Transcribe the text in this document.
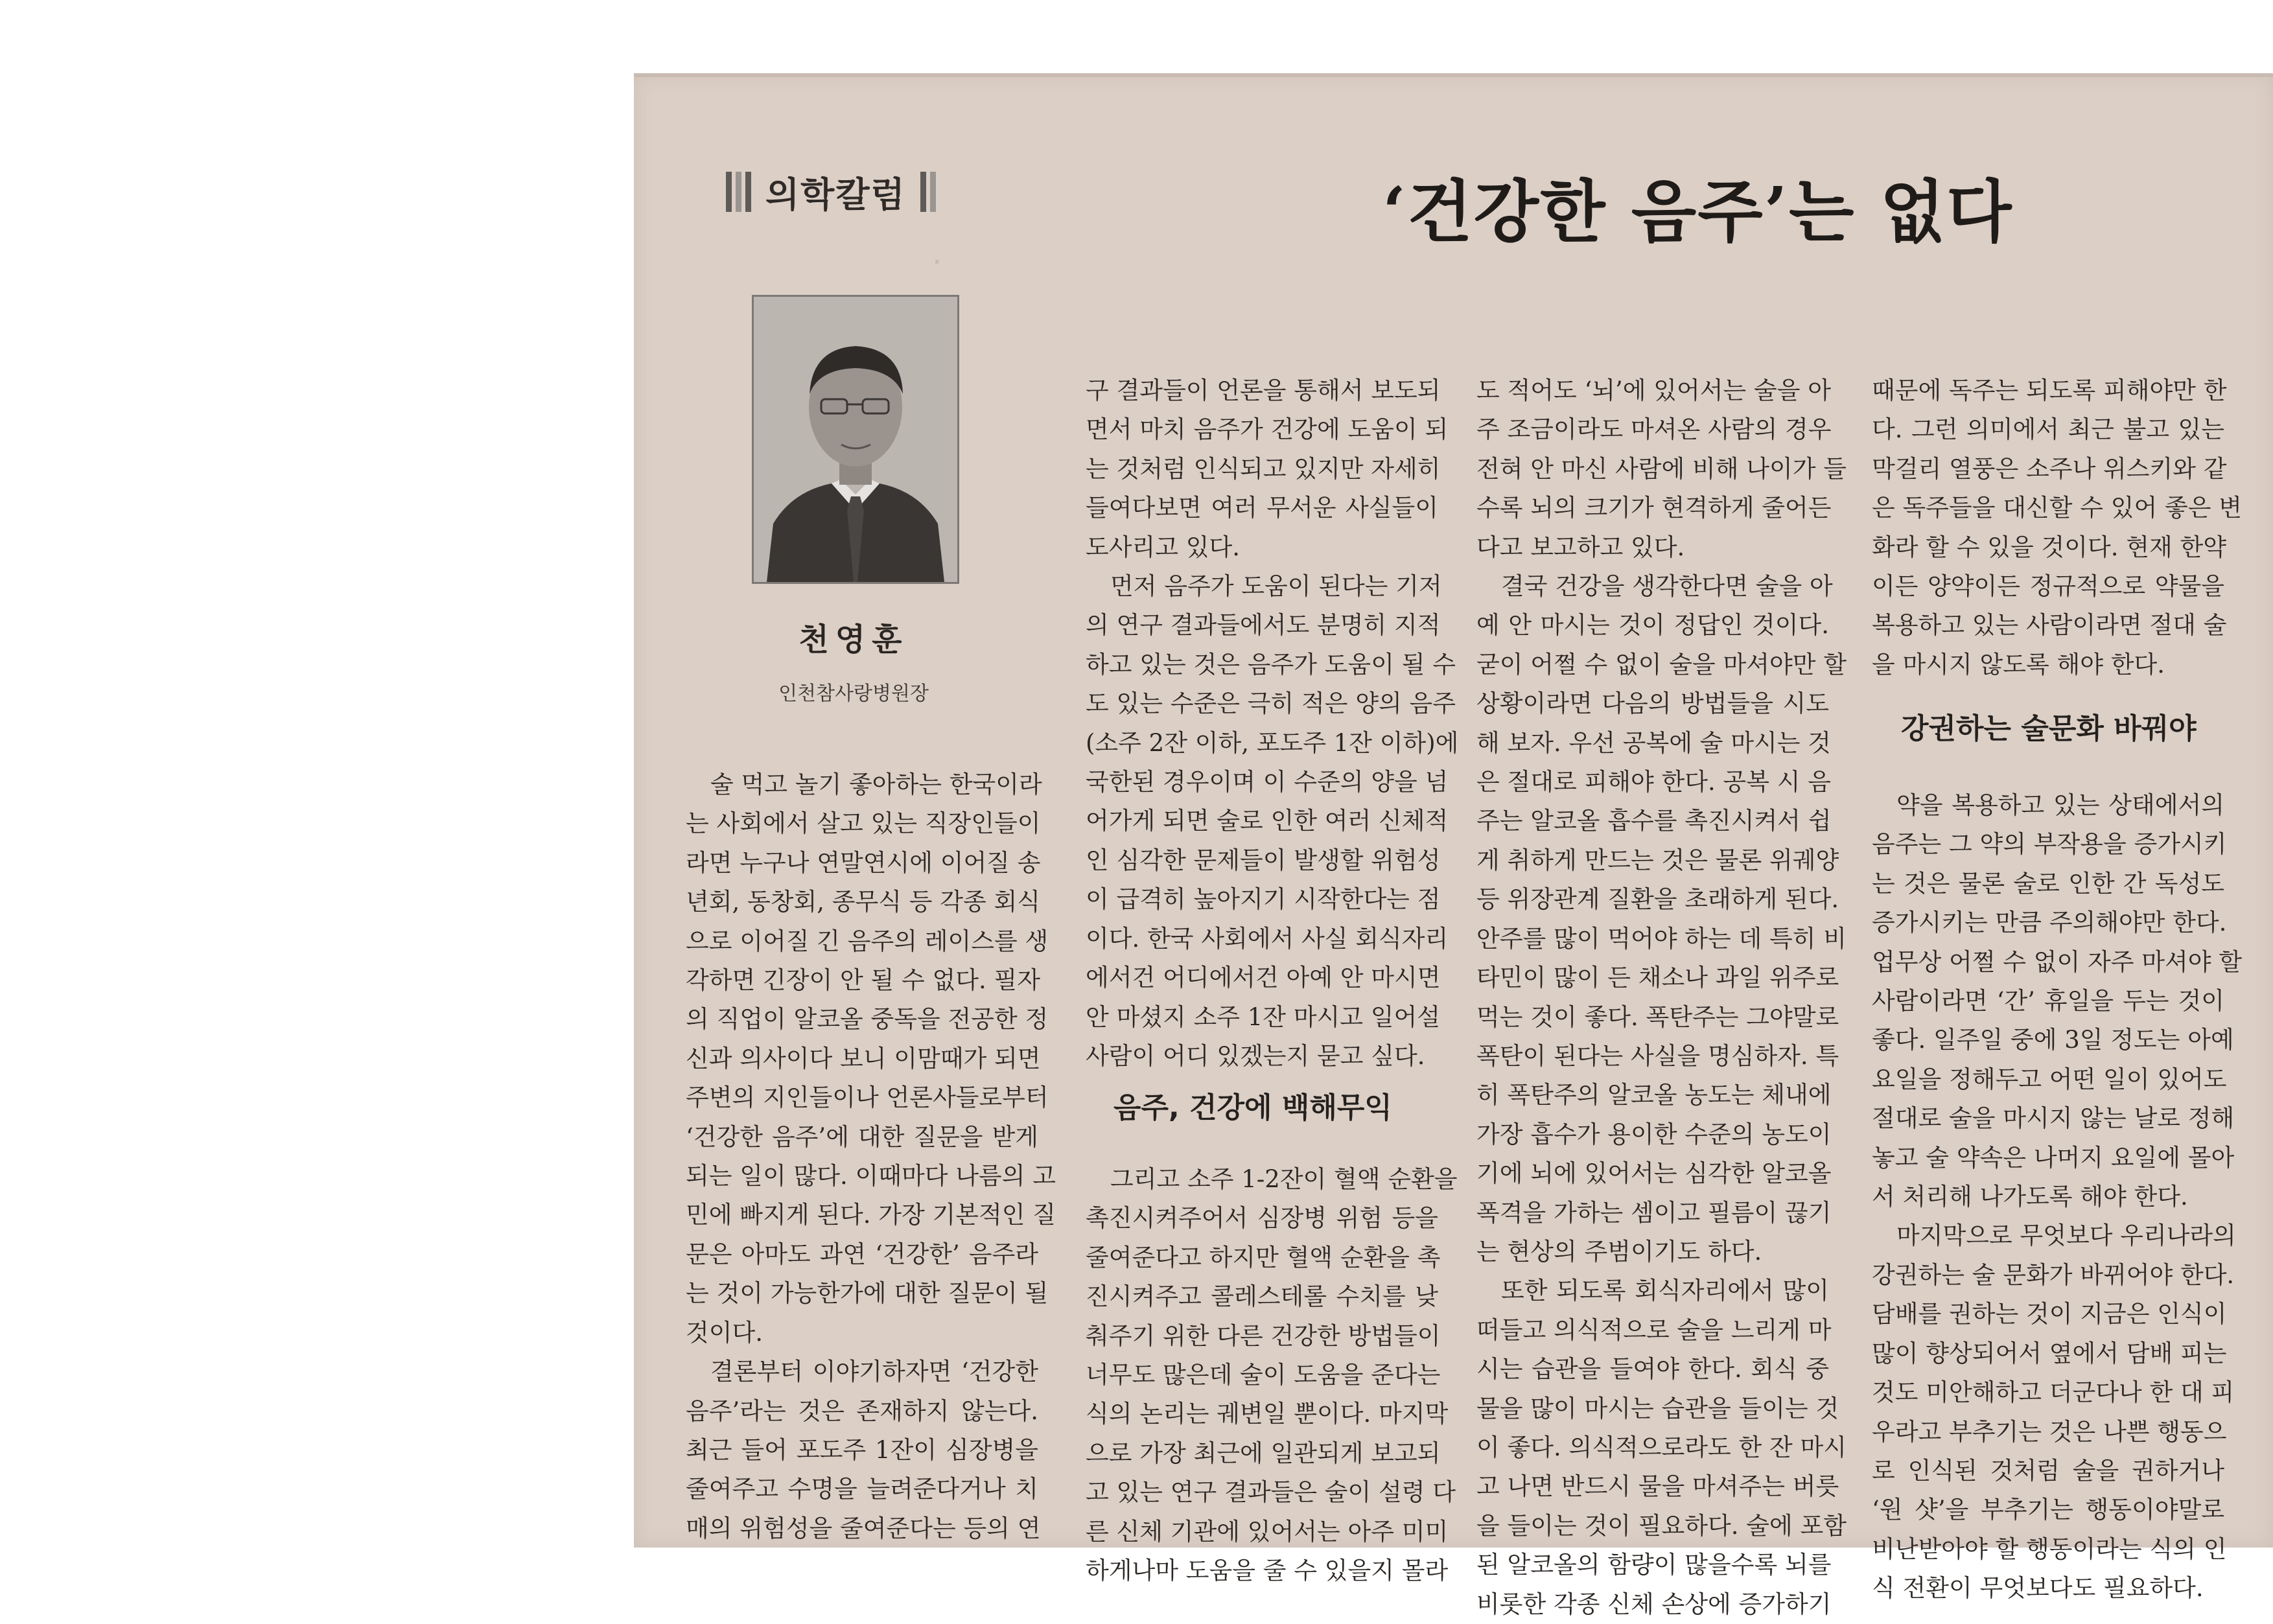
의학칼럼	‘건강한 음주’는 없다
천영훈
인천참사랑병원장
.
술 먹고 놀기 좋아하는 한국이라
는 사회에서 살고 있는 직장인들이
라면 누구나 연말연시에 이어질 송
년회, 동창회, 종무식 등 각종 회식
으로 이어질 긴 음주의 레이스를 생
각하면 긴장이 안 될 수 없다. 필자
의 직업이 알코올 중독을 전공한 정
신과 의사이다 보니 이맘때가 되면
주변의 지인들이나 언론사들로부터
‘건강한 음주’에 대한 질문을 받게
되는 일이 많다. 이때마다 나름의 고
민에 빠지게 된다. 가장 기본적인 질
문은 아마도 과연 ‘건강한’ 음주라
는 것이 가능한가에 대한 질문이 될
것이다.
결론부터 이야기하자면 ‘건강한
음주’라는 것은 존재하지 않는다.
최근 들어 포도주 1잔이 심장병을
줄여주고 수명을 늘려준다거나 치
매의 위험성을 줄여준다는 등의 연
구 결과들이 언론을 통해서 보도되
면서 마치 음주가 건강에 도움이 되
는 것처럼 인식되고 있지만 자세히
들여다보면 여러 무서운 사실들이
도사리고 있다.
먼저 음주가 도움이 된다는 기저
의 연구 결과들에서도 분명히 지적
하고 있는 것은 음주가 도움이 될 수
도 있는 수준은 극히 적은 양의 음주
(소주 2잔 이하, 포도주 1잔 이하)에
국한된 경우이며 이 수준의 양을 넘
어가게 되면 술로 인한 여러 신체적
인 심각한 문제들이 발생할 위험성
이 급격히 높아지기 시작한다는 점
이다. 한국 사회에서 사실 회식자리
에서건 어디에서건 아예 안 마시면
안 마셨지 소주 1잔 마시고 일어설
사람이 어디 있겠는지 묻고 싶다.
음주, 건강에 백해무익
그리고 소주 1-2잔이 혈액 순환을
촉진시켜주어서 심장병 위험 등을
줄여준다고 하지만 혈액 순환을 촉
진시켜주고 콜레스테롤 수치를 낮
춰주기 위한 다른 건강한 방법들이
너무도 많은데 술이 도움을 준다는
식의 논리는 궤변일 뿐이다. 마지막
으로 가장 최근에 일관되게 보고되
고 있는 연구 결과들은 술이 설령 다
른 신체 기관에 있어서는 아주 미미
하게나마 도움을 줄 수 있을지 몰라
도 적어도 ‘뇌’에 있어서는 술을 아
주 조금이라도 마셔온 사람의 경우
전혀 안 마신 사람에 비해 나이가 들
수록 뇌의 크기가 현격하게 줄어든
다고 보고하고 있다.
결국 건강을 생각한다면 술을 아
예 안 마시는 것이 정답인 것이다.
굳이 어쩔 수 없이 술을 마셔야만 할
상황이라면 다음의 방법들을 시도
해 보자. 우선 공복에 술 마시는 것
은 절대로 피해야 한다. 공복 시 음
주는 알코올 흡수를 촉진시켜서 쉽
게 취하게 만드는 것은 물론 위궤양
등 위장관계 질환을 초래하게 된다.
안주를 많이 먹어야 하는 데 특히 비
타민이 많이 든 채소나 과일 위주로
먹는 것이 좋다. 폭탄주는 그야말로
폭탄이 된다는 사실을 명심하자. 특
히 폭탄주의 알코올 농도는 체내에
가장 흡수가 용이한 수준의 농도이
기에 뇌에 있어서는 심각한 알코올
폭격을 가하는 셈이고 필름이 끊기
는 현상의 주범이기도 하다.
또한 되도록 회식자리에서 많이
떠들고 의식적으로 술을 느리게 마
시는 습관을 들여야 한다. 회식 중
물을 많이 마시는 습관을 들이는 것
이 좋다. 의식적으로라도 한 잔 마시
고 나면 반드시 물을 마셔주는 버릇
을 들이는 것이 필요하다. 술에 포함
된 알코올의 함량이 많을수록 뇌를
비롯한 각종 신체 손상에 증가하기
때문에 독주는 되도록 피해야만 한
다. 그런 의미에서 최근 불고 있는
막걸리 열풍은 소주나 위스키와 같
은 독주들을 대신할 수 있어 좋은 변
화라 할 수 있을 것이다. 현재 한약
이든 양약이든 정규적으로 약물을
복용하고 있는 사람이라면 절대 술
을 마시지 않도록 해야 한다.
강권하는 술문화 바꿔야
약을 복용하고 있는 상태에서의
음주는 그 약의 부작용을 증가시키
는 것은 물론 술로 인한 간 독성도
증가시키는 만큼 주의해야만 한다.
업무상 어쩔 수 없이 자주 마셔야 할
사람이라면 ‘간’ 휴일을 두는 것이
좋다. 일주일 중에 3일 정도는 아예
요일을 정해두고 어떤 일이 있어도
절대로 술을 마시지 않는 날로 정해
놓고 술 약속은 나머지 요일에 몰아
서 처리해 나가도록 해야 한다.
마지막으로 무엇보다 우리나라의
강권하는 술 문화가 바뀌어야 한다.
담배를 권하는 것이 지금은 인식이
많이 향상되어서 옆에서 담배 피는
것도 미안해하고 더군다나 한 대 피
우라고 부추기는 것은 나쁜 행동으
로 인식된 것처럼 술을 권하거나
‘원 샷’을 부추기는 행동이야말로
비난받아야 할 행동이라는 식의 인
식 전환이 무엇보다도 필요하다.
